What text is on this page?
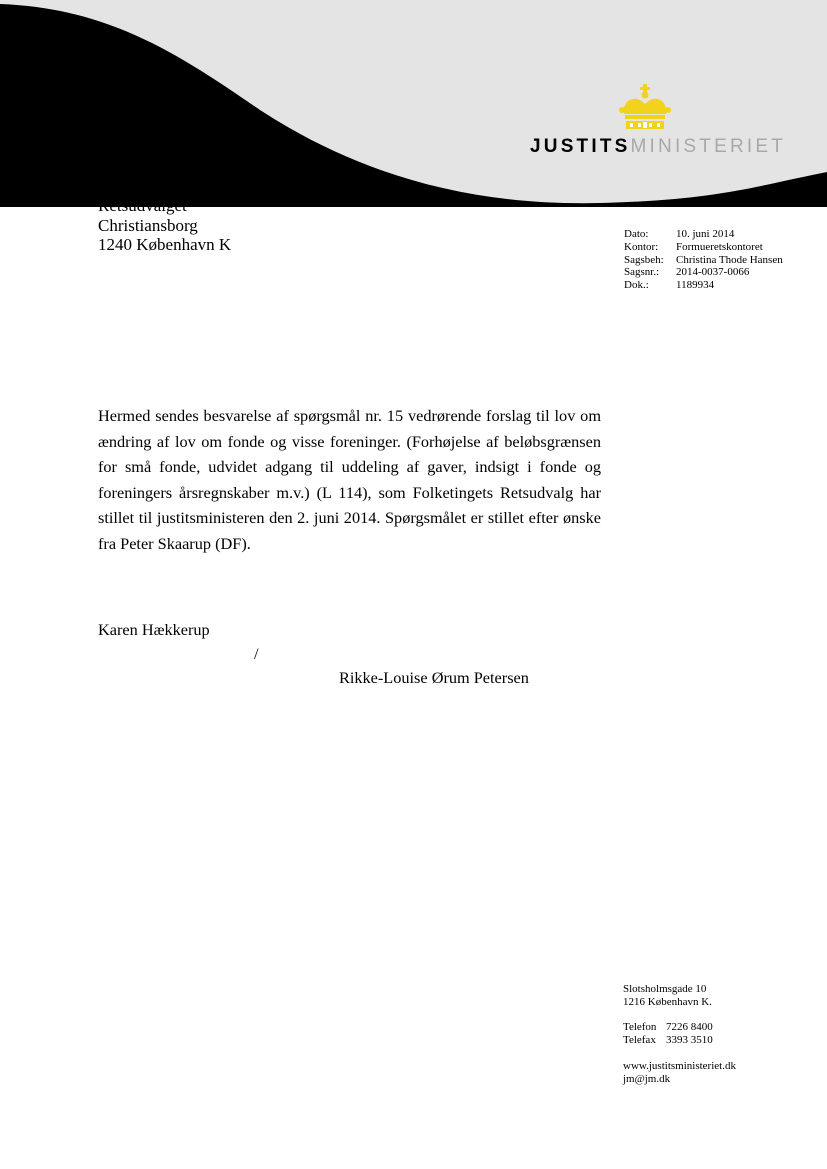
JUSTITSMINISTERIET
Retsudvalget
Christiansborg
1240 København K
Dato:	10. juni 2014
Kontor:	Formueretskontoret
Sagsbeh:	Christina Thode Hansen
Sagsnr.:	2014-0037-0066
Dok.:	1189934

Hermed sendes besvarelse af spørgsmål nr. 15 vedrørende forslag til lov om ændring af lov om fonde og visse foreninger. (Forhøjelse af beløbsgrænsen for små fonde, udvidet adgang til uddeling af gaver, indsigt i fonde og foreningers årsregnskaber m.v.) (L 114), som Folketingets Retsudvalg har stillet til justitsministeren den 2. juni 2014. Spørgsmålet er stillet efter ønske fra Peter Skaarup (DF).

Karen Hækkerup
/
Rikke-Louise Ørum Petersen
Slotsholmsgade 10
1216 København K.
Telefon 7226 8400
Telefax 3393 3510
www.justitsministeriet.dk
jm@jm.dk
